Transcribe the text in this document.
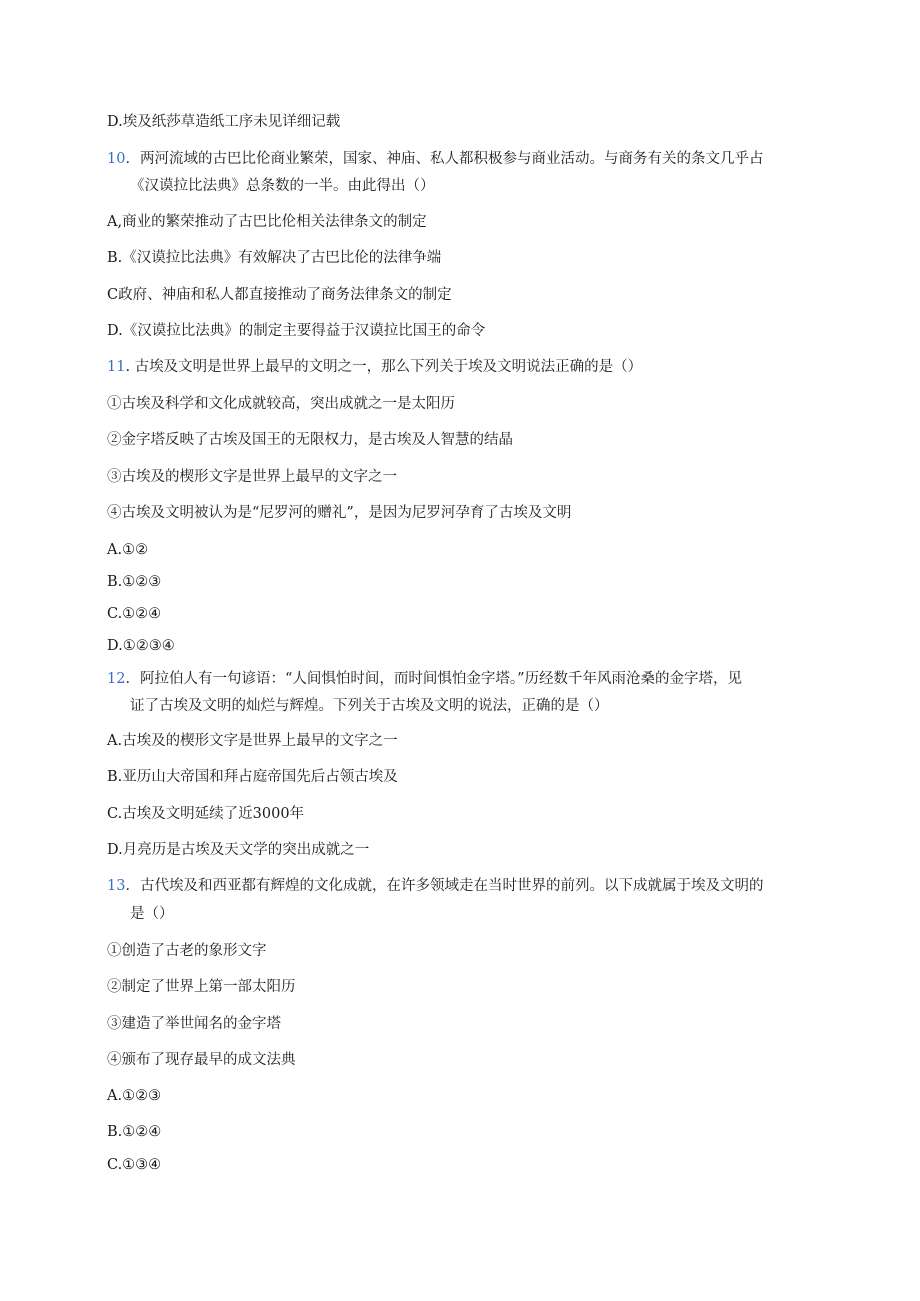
D.埃及纸莎草造纸工序未见详细记载
10．两河流域的古巴比伦商业繁荣，国家、神庙、私人都积极参与商业活动。与商务有关的条文几乎占
《汉谟拉比法典》总条数的一半。由此得出（）
A,商业的繁荣推动了古巴比伦相关法律条文的制定
B.《汉谟拉比法典》有效解决了古巴比伦的法律争端
C政府、神庙和私人都直接推动了商务法律条文的制定
D.《汉谟拉比法典》的制定主要得益于汉谟拉比国王的命令
11. 古埃及文明是世界上最早的文明之一，那么下列关于埃及文明说法正确的是（）
①古埃及科学和文化成就较高，突出成就之一是太阳历
②金字塔反映了古埃及国王的无限权力，是古埃及人智慧的结晶
③古埃及的楔形文字是世界上最早的文字之一
④古埃及文明被认为是“尼罗河的赠礼”，是因为尼罗河孕育了古埃及文明
A.①②
B.①②③
C.①②④
D.①②③④
12．阿拉伯人有一句谚语：“人间惧怕时间，而时间惧怕金字塔。”历经数千年风雨沧桑的金字塔，见
证了古埃及文明的灿烂与辉煌。下列关于古埃及文明的说法，正确的是（）
A.古埃及的楔形文字是世界上最早的文字之一
B.亚历山大帝国和拜占庭帝国先后占领古埃及
C.古埃及文明延续了近3000年
D.月亮历是古埃及天文学的突出成就之一
13．古代埃及和西亚都有辉煌的文化成就，在许多领域走在当时世界的前列。以下成就属于埃及文明的
是（）
①创造了古老的象形文字
②制定了世界上第一部太阳历
③建造了举世闻名的金字塔
④颁布了现存最早的成文法典
A.①②③
B.①②④
C.①③④
